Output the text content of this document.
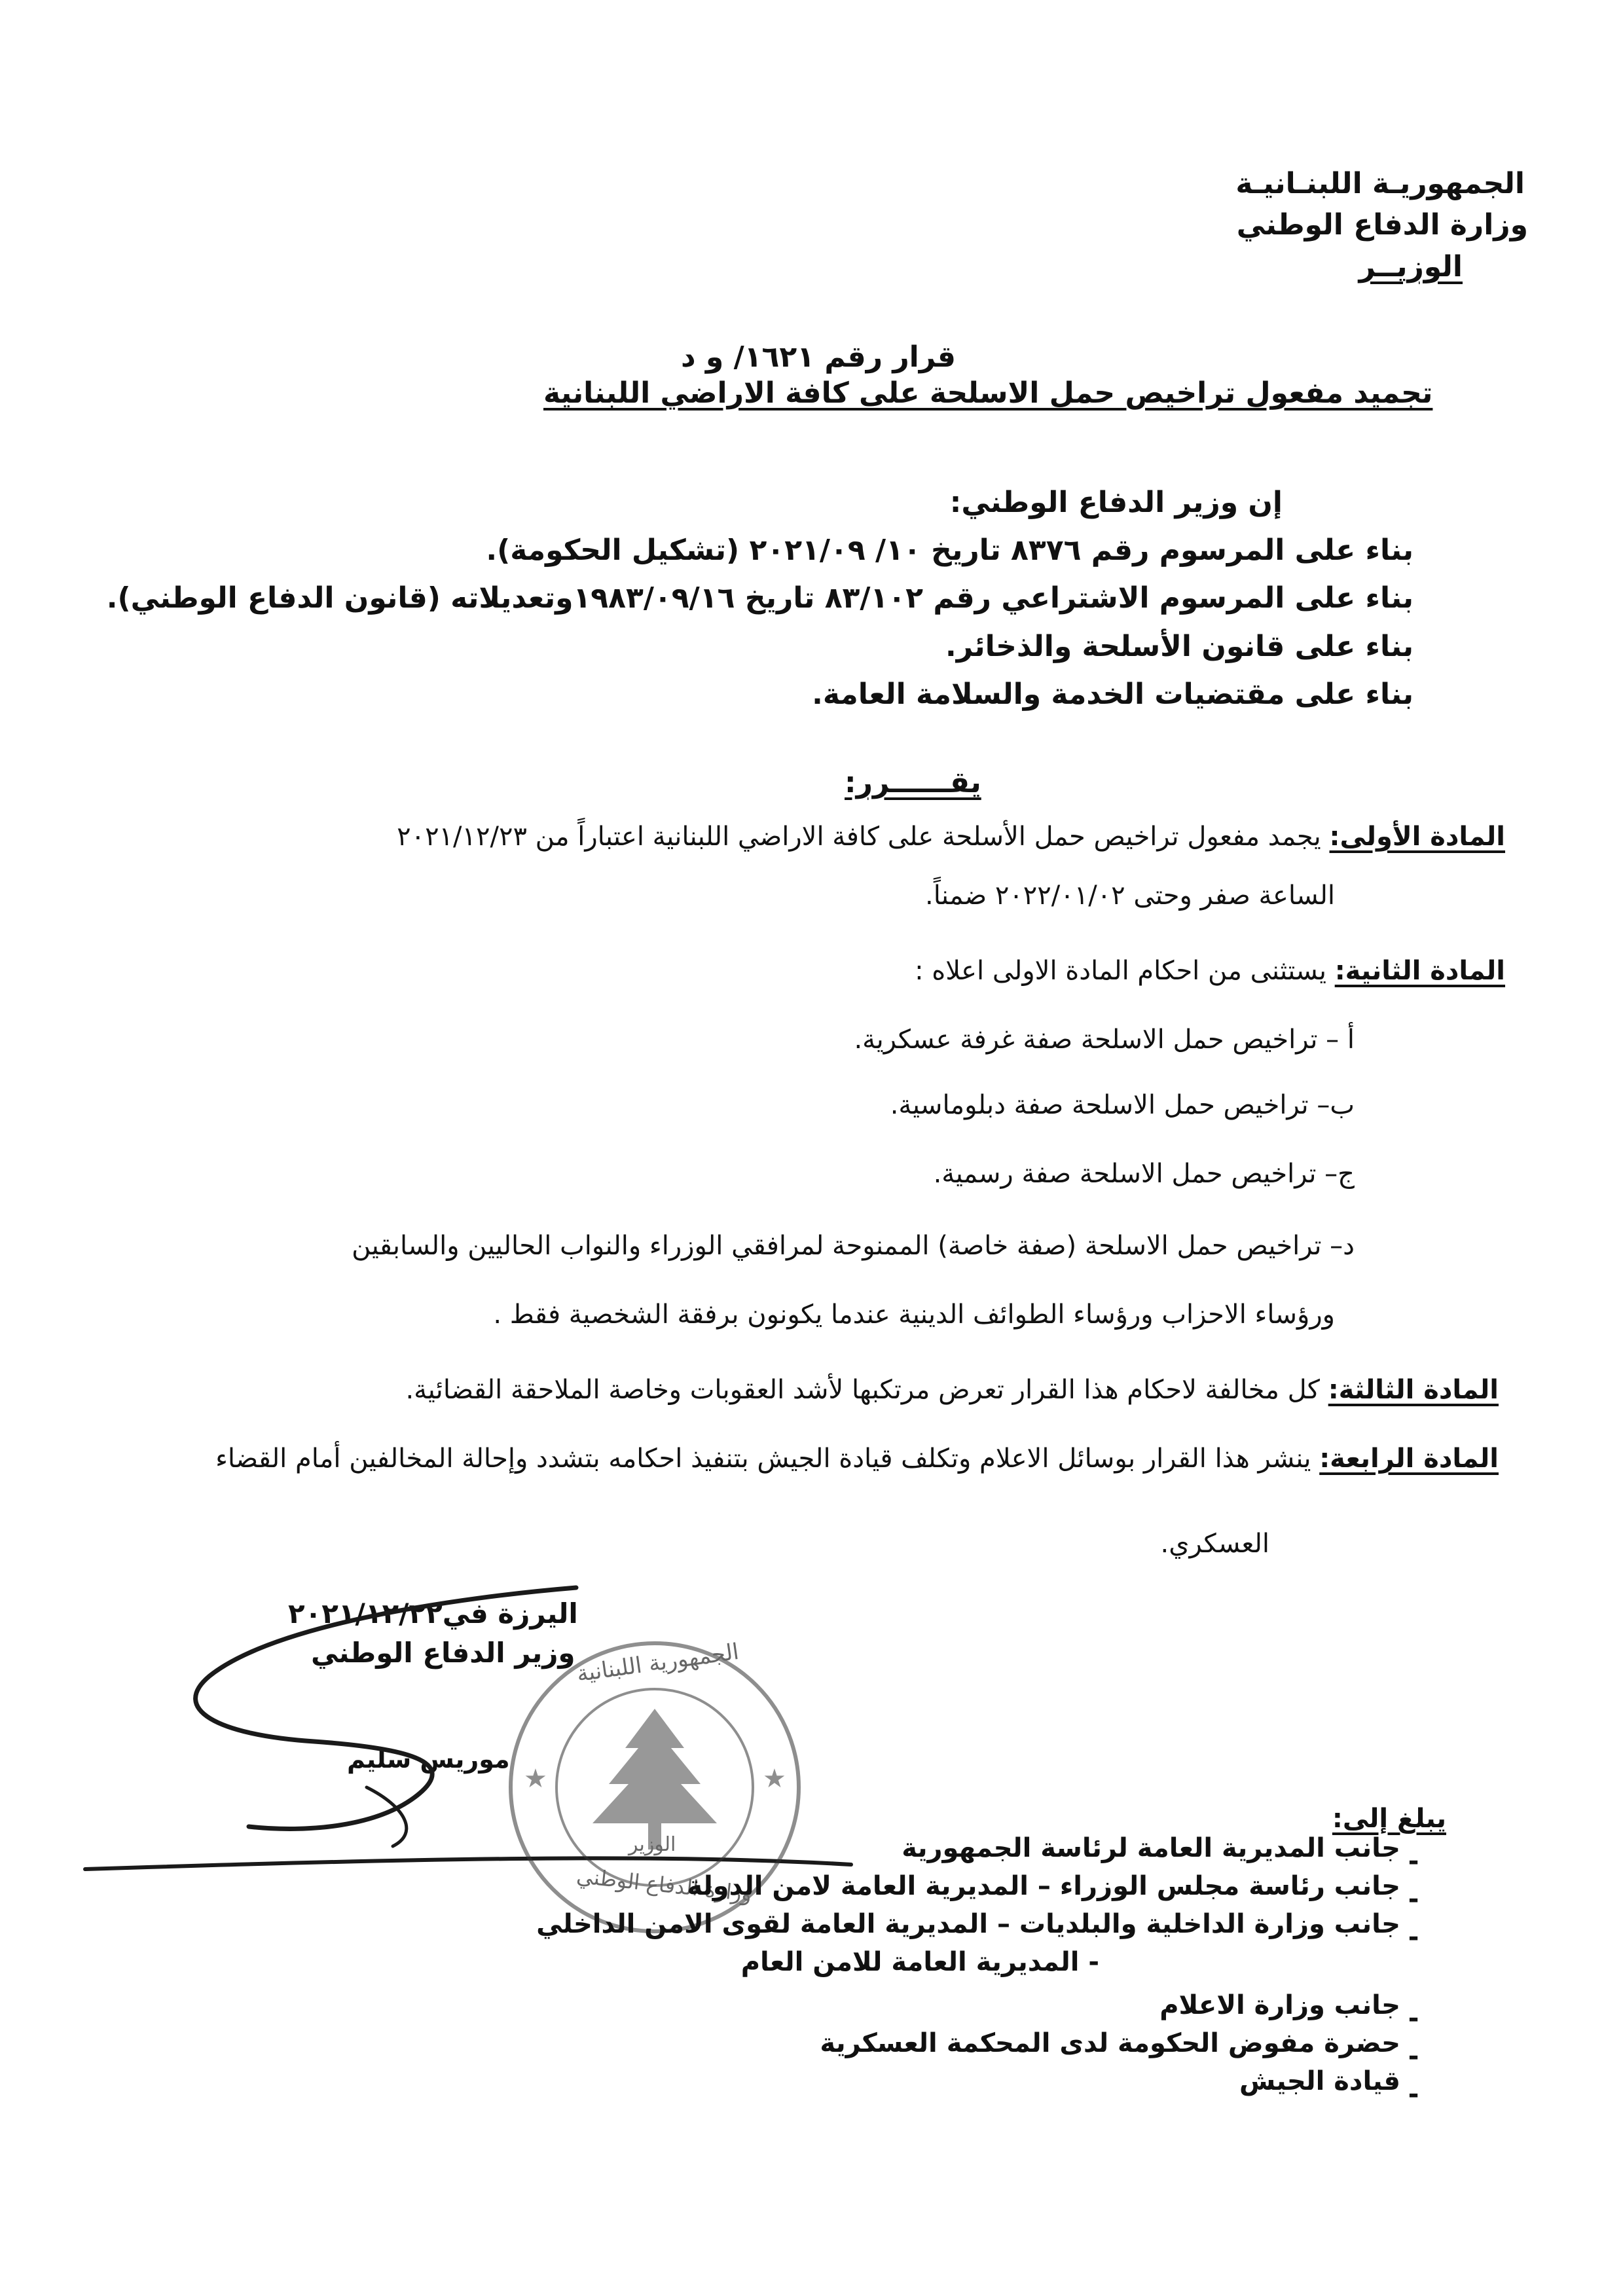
الجمهوريـة اللبنـانيـة
وزارة الدفاع الوطني
الوزيــر
قرار رقم ١٦٢١/ و د
تجميد مفعول تراخيص حمل الاسلحة على كافة الاراضي اللبنانية
إن وزير الدفاع الوطني:
بناء على المرسوم رقم ٨٣٧٦ تاريخ ١٠/ ٢٠٢١/٠٩ (تشكيل الحكومة).
بناء على المرسوم الاشتراعي رقم ٨٣/١٠٢ تاريخ ١٩٨٣/٠٩/١٦وتعديلاته (قانون الدفاع الوطني).
بناء على قانون الأسلحة والذخائر.
بناء على مقتضيات الخدمة والسلامة العامة.
يقــــــرر:
المادة الأولى: يجمد مفعول تراخيص حمل الأسلحة على كافة الاراضي اللبنانية اعتباراً من ٢٠٢١/١٢/٢٣
الساعة صفر وحتى ٢٠٢٢/٠١/٠٢ ضمناً.
المادة الثانية: يستثنى من احكام المادة الاولى اعلاه :
أ – تراخيص حمل الاسلحة صفة غرفة عسكرية.
ب– تراخيص حمل الاسلحة صفة دبلوماسية.
ج– تراخيص حمل الاسلحة صفة رسمية.
د– تراخيص حمل الاسلحة (صفة خاصة) الممنوحة لمرافقي الوزراء والنواب الحاليين والسابقين
ورؤساء الاحزاب ورؤساء الطوائف الدينية عندما يكونون برفقة الشخصية فقط .
المادة الثالثة: كل مخالفة لاحكام هذا القرار تعرض مرتكبها لأشد العقوبات وخاصة الملاحقة القضائية.
المادة الرابعة: ينشر هذا القرار بوسائل الاعلام وتكلف قيادة الجيش بتنفيذ احكامه بتشدد وإحالة المخالفين أمام القضاء
العسكري.
اليرزة في٢٠٢١/١٢/٢٢
وزير الدفاع الوطني
موريس سليم
★	★
الجمهورية اللبنانية
وزارة الدفاع الوطني
الوزير
يبلغ إلى:
جانب المديرية العامة لرئاسة الجمهورية -
جانب رئاسة مجلس الوزراء – المديرية العامة لامن الدولة -
جانب وزارة الداخلية والبلديات – المديرية العامة لقوى الامن الداخلي -
- المديرية العامة للامن العام
جانب وزارة الاعلام -
حضرة مفوض الحكومة لدى المحكمة العسكرية -
قيادة الجيش -
